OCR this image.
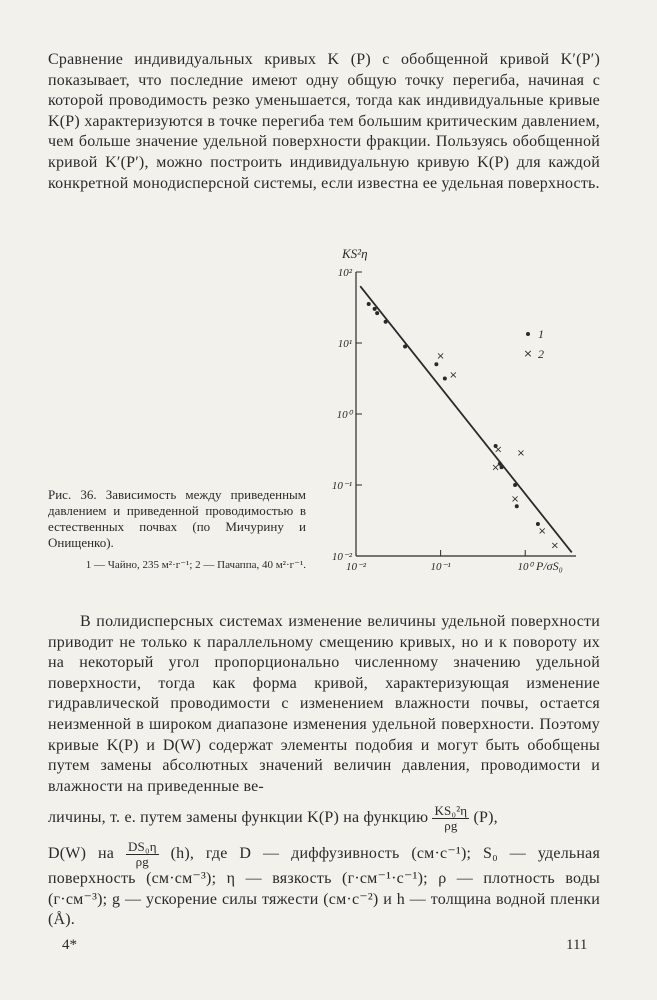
Сравнение индивидуальных кривых K (P) с обобщенной кривой K′(P′) показывает, что последние имеют одну общую точку перегиба, начиная с которой проводимость резко уменьшается, тогда как индивидуальные кривые K(P) характеризуются в точке перегиба тем большим критическим давлением, чем больше значение удельной поверхности фракции. Пользуясь обобщенной кривой K′(P′), можно построить индивидуальную кривую K(P) для каждой конкретной монодисперсной системы, если известна ее удельная поверхность.
10⁻²
10⁻¹
10⁰
10¹
10²
10⁻²	10⁻¹	10⁰
×
×
×
×
×
×
×
×
KS²η
P/σS₀
1
× 2
Рис. 36. Зависимость между приведенным давлением и приведенной проводимостью в естественных почвах (по Мичурину и Онищенко).
1 — Чайно, 235 м²·г⁻¹; 2 — Пачаппа, 40 м²·г⁻¹.
В полидисперсных системах изменение величины удельной поверхности приводит не только к параллельному смещению кривых, но и к повороту их на некоторый угол пропорционально численному значению удельной поверхности, тогда как форма кривой, характеризующая изменение гидравлической проводимости с изменением влажности почвы, остается неизменной в широком диапазоне изменения удельной поверхности. Поэтому кривые K(P) и D(W) содержат элементы подобия и могут быть обобщены путем замены абсолютных значений величин давления, проводимости и влажности на приведенные ве-
личины, т. е. путем замены функции K(P) на функцию $\frac{\text{KS₀²η}}{\rho g} (P)$,
D(W) на $\frac{\text{DS₀η}}{\rho g} (h)$, где D — диффузивность (см·с⁻¹); S₀ — удельная поверхность (см·см⁻³); η — вязкость (г·см⁻¹·с⁻¹); ρ — плотность воды (г·см⁻³); g — ускорение силы тяжести (см·с⁻²) и h — толщина водной пленки (Å).
4*	111
